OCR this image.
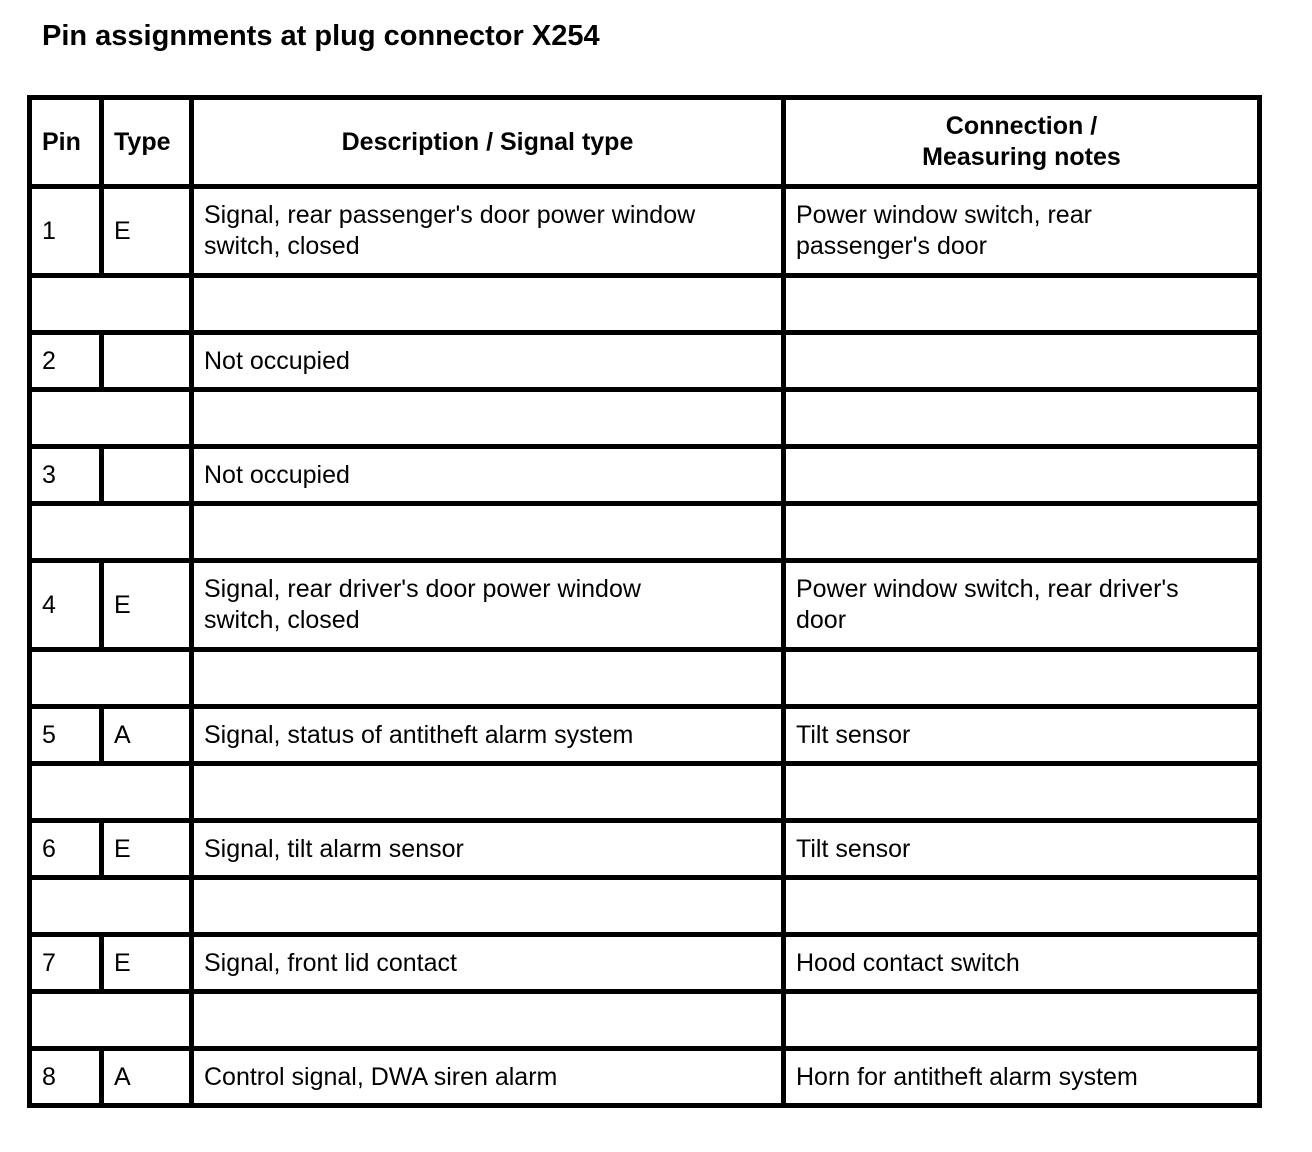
Pin assignments at plug connector X254
Pin	Type	Description / Signal type	Connection /
Measuring notes
1	E	Signal, rear passenger's door power window
switch, closed	Power window switch, rear
passenger's door

2		Not occupied	

3		Not occupied	

4	E	Signal, rear driver's door power window
switch, closed	Power window switch, rear driver's
door

5	A	Signal, status of antitheft alarm system	Tilt sensor

6	E	Signal, tilt alarm sensor	Tilt sensor

7	E	Signal, front lid contact	Hood contact switch

8	A	Control signal, DWA siren alarm	Horn for antitheft alarm system
